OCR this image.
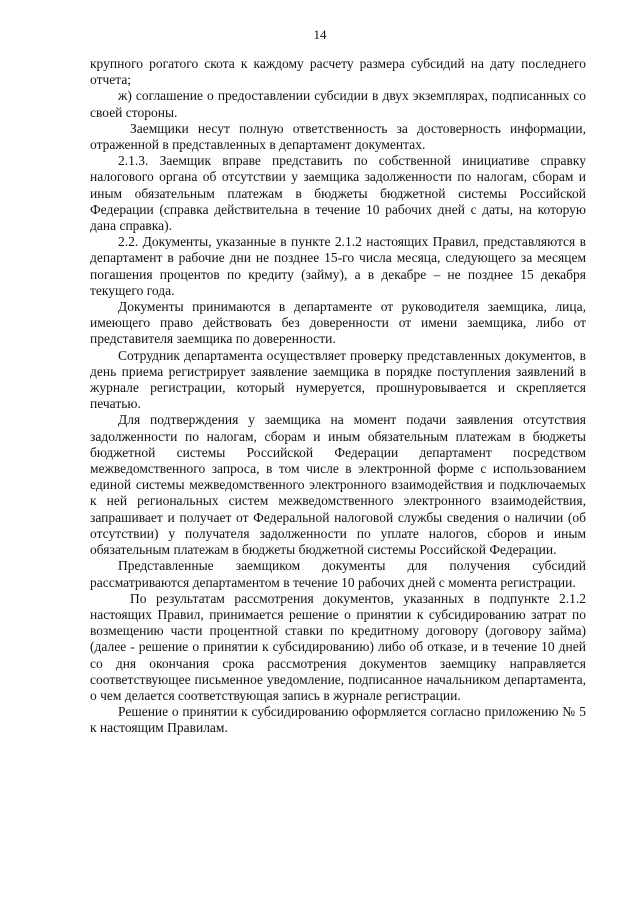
14

крупного рогатого скота к каждому расчету размера субсидий на дату последнего отчета;

ж) соглашение о предоставлении субсидии в двух экземплярах, подписанных со своей стороны.

Заемщики несут полную ответственность за достоверность информации, отраженной в представленных в департамент документах.

2.1.3. Заемщик вправе представить по собственной инициативе справку налогового органа об отсутствии у заемщика задолженности по налогам, сборам и иным обязательным платежам в бюджеты бюджетной системы Российской Федерации (справка действительна в течение 10 рабочих дней с даты, на которую дана справка).

2.2. Документы, указанные в пункте 2.1.2 настоящих Правил, представляются в департамент в рабочие дни не позднее 15-го числа месяца, следующего за месяцем погашения процентов по кредиту (займу), а в декабре – не позднее 15 декабря текущего года.

Документы принимаются в департаменте от руководителя заемщика, лица, имеющего право действовать без доверенности от имени заемщика, либо от представителя заемщика по доверенности.

Сотрудник департамента осуществляет проверку представленных документов, в день приема регистрирует заявление заемщика в порядке поступления заявлений в журнале регистрации, который нумеруется, прошнуровывается и скрепляется печатью.

Для подтверждения у заемщика на момент подачи заявления отсутствия задолженности по налогам, сборам и иным обязательным платежам в бюджеты бюджетной системы Российской Федерации департамент посредством межведомственного запроса, в том числе в электронной форме с использованием единой системы межведомственного электронного взаимодействия и подключаемых к ней региональных систем межведомственного электронного взаимодействия, запрашивает и получает от Федеральной налоговой службы сведения о наличии (об отсутствии) у получателя задолженности по уплате налогов, сборов и иным обязательным платежам в бюджеты бюджетной системы Российской Федерации.

Представленные заемщиком документы для получения субсидий рассматриваются департаментом в течение 10 рабочих дней с момента регистрации.

По результатам рассмотрения документов, указанных в подпункте 2.1.2 настоящих Правил, принимается решение о принятии к субсидированию затрат по возмещению части процентной ставки по кредитному договору (договору займа) (далее - решение о принятии к субсидированию) либо об отказе, и в течение 10 дней со дня окончания срока рассмотрения документов заемщику направляется соответствующее письменное уведомление, подписанное начальником департамента, о чем делается соответствующая запись в журнале регистрации.

Решение о принятии к субсидированию оформляется согласно приложению № 5 к настоящим Правилам.
